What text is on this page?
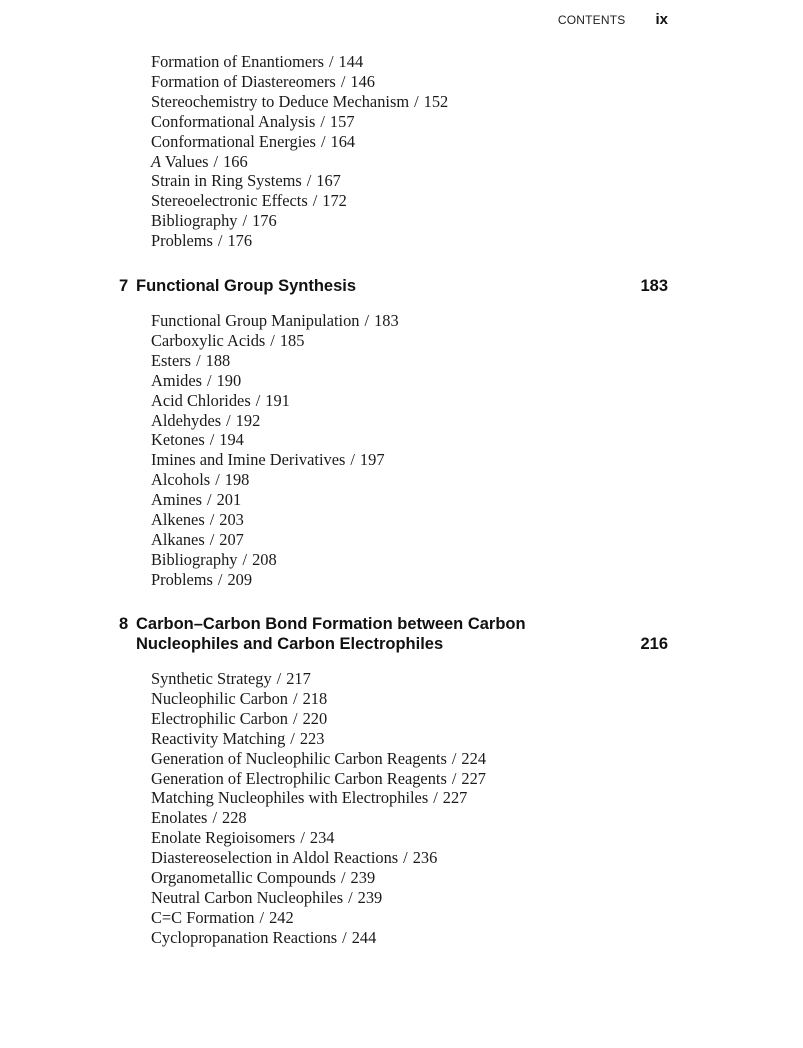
CONTENTS ix
Formation of Enantiomers / 144
Formation of Diastereomers / 146
Stereochemistry to Deduce Mechanism / 152
Conformational Analysis / 157
Conformational Energies / 164
A Values / 166
Strain in Ring Systems / 167
Stereoelectronic Effects / 172
Bibliography / 176
Problems / 176
7 Functional Group Synthesis	183
Functional Group Manipulation / 183
Carboxylic Acids / 185
Esters / 188
Amides / 190
Acid Chlorides / 191
Aldehydes / 192
Ketones / 194
Imines and Imine Derivatives / 197
Alcohols / 198
Amines / 201
Alkenes / 203
Alkanes / 207
Bibliography / 208
Problems / 209
8 Carbon–Carbon Bond Formation between Carbon
Nucleophiles and Carbon Electrophiles	216
Synthetic Strategy / 217
Nucleophilic Carbon / 218
Electrophilic Carbon / 220
Reactivity Matching / 223
Generation of Nucleophilic Carbon Reagents / 224
Generation of Electrophilic Carbon Reagents / 227
Matching Nucleophiles with Electrophiles / 227
Enolates / 228
Enolate Regioisomers / 234
Diastereoselection in Aldol Reactions / 236
Organometallic Compounds / 239
Neutral Carbon Nucleophiles / 239
C=C Formation / 242
Cyclopropanation Reactions / 244
